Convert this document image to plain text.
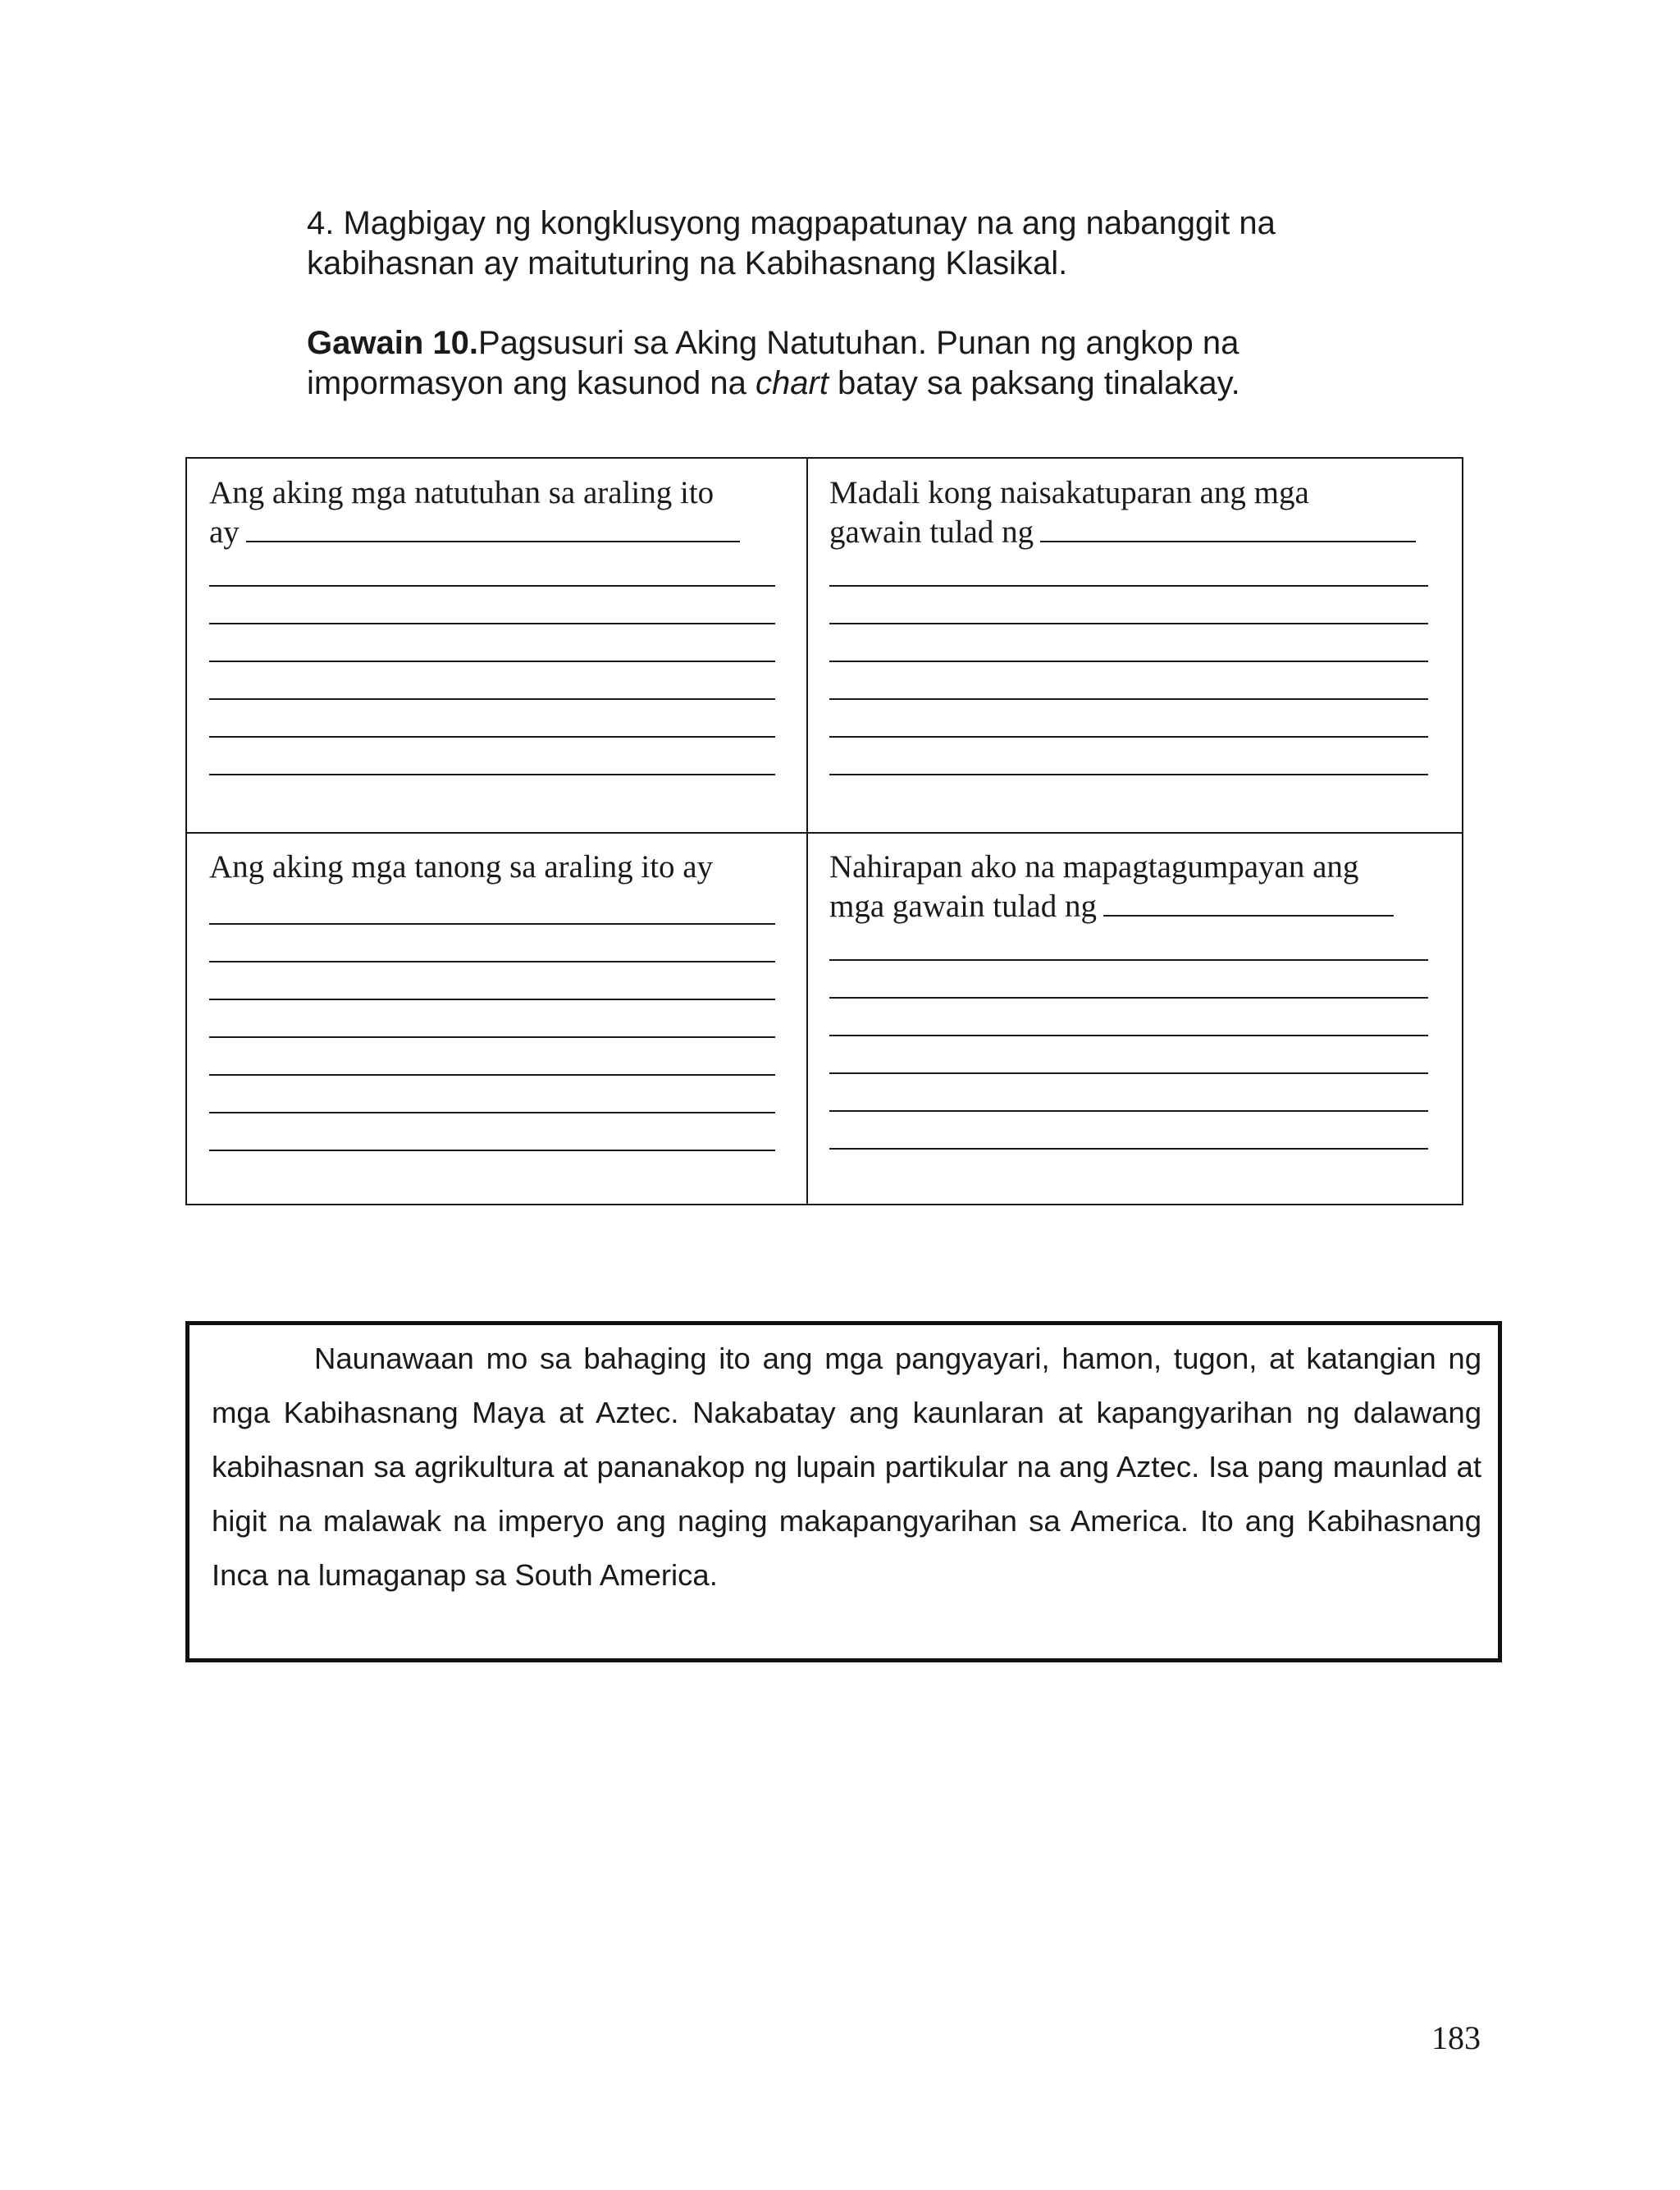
4. Magbigay ng kongklusyong magpapatunay na ang nabanggit na

kabihasnan ay maituturing na Kabihasnang Klasikal.

Gawain 10.Pagsusuri sa Aking Natutuhan. Punan ng angkop na

impormasyon ang kasunod na chart batay sa paksang tinalakay.

Ang aking mga natutuhan sa araling ito
ay
Madali kong naisakatuparan ang mga
gawain tulad ng
Ang aking mga tanong sa araling ito ay	Nahirapan ako na mapagtagumpayan ang
mga gawain tulad ng

Naunawaan mo sa bahaging ito ang mga pangyayari, hamon, tugon, at katangian ng mga Kabihasnang Maya at Aztec. Nakabatay ang kaunlaran at kapangyarihan ng dalawang kabihasnan sa agrikultura at pananakop ng lupain partikular na ang Aztec. Isa pang maunlad at higit na malawak na imperyo ang naging makapangyarihan sa America. Ito ang Kabihasnang Inca na lumaganap sa South America.

183
